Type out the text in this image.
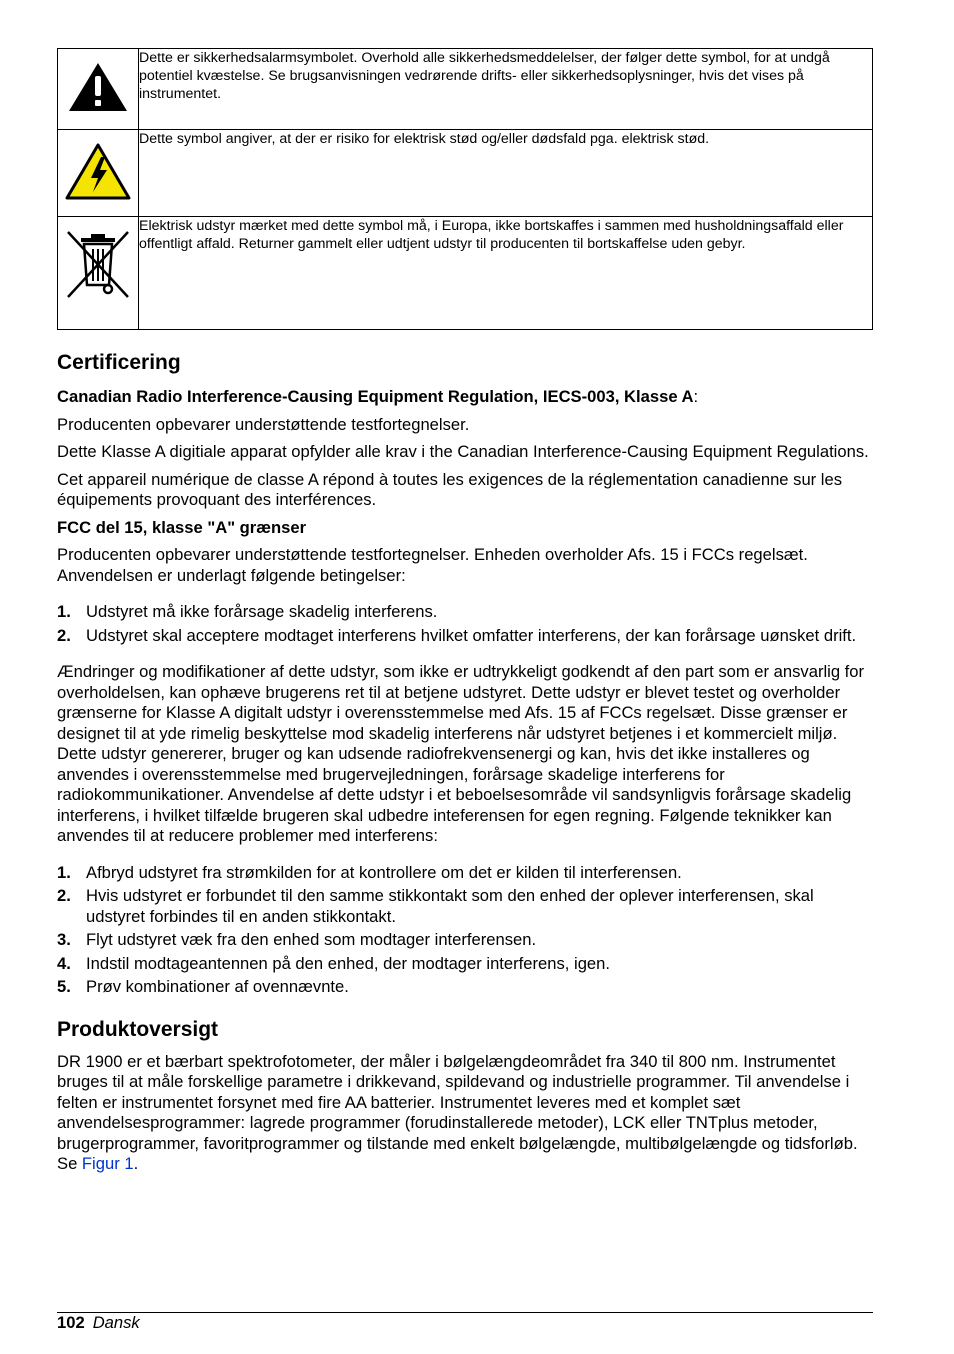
	Dette er sikkerhedsalarmsymbolet. Overhold alle sikkerhedsmeddelelser, der følger dette symbol, for at undgå potentiel kvæstelse. Se brugsanvisningen vedrørende drifts- eller sikkerhedsoplysninger, hvis det vises på instrumentet.

	Dette symbol angiver, at der er risiko for elektrisk stød og/eller dødsfald pga. elektrisk stød.

	Elektrisk udstyr mærket med dette symbol må, i Europa, ikke bortskaffes i sammen med husholdningsaffald eller offentligt affald. Returner gammelt eller udtjent udstyr til producenten til bortskaffelse uden gebyr.
Certificering

Canadian Radio Interference-Causing Equipment Regulation, IECS-003, Klasse A:

Producenten opbevarer understøttende testfortegnelser.

Dette Klasse A digitiale apparat opfylder alle krav i the Canadian Interference-Causing Equipment Regulations.

Cet appareil numérique de classe A répond à toutes les exigences de la réglementation canadienne sur les équipements provoquant des interférences.

FCC del 15, klasse "A" grænser

Producenten opbevarer understøttende testfortegnelser. Enheden overholder Afs. 15 i FCCs regelsæt. Anvendelsen er underlagt følgende betingelser:

1. Udstyret må ikke forårsage skadelig interferens.
2. Udstyret skal acceptere modtaget interferens hvilket omfatter interferens, der kan forårsage uønsket drift.

Ændringer og modifikationer af dette udstyr, som ikke er udtrykkeligt godkendt af den part som er ansvarlig for overholdelsen, kan ophæve brugerens ret til at betjene udstyret. Dette udstyr er blevet testet og overholder grænserne for Klasse A digitalt udstyr i overensstemmelse med Afs. 15 af FCCs regelsæt. Disse grænser er designet til at yde rimelig beskyttelse mod skadelig interferens når udstyret betjenes i et kommercielt miljø. Dette udstyr genererer, bruger og kan udsende radiofrekvensenergi og kan, hvis det ikke installeres og anvendes i overensstemmelse med brugervejledningen, forårsage skadelige interferens for radiokommunikationer. Anvendelse af dette udstyr i et beboelsesområde vil sandsynligvis forårsage skadelig interferens, i hvilket tilfælde brugeren skal udbedre inteferensen for egen regning. Følgende teknikker kan anvendes til at reducere problemer med interferens:

1. Afbryd udstyret fra strømkilden for at kontrollere om det er kilden til interferensen.
2. Hvis udstyret er forbundet til den samme stikkontakt som den enhed der oplever interferensen, skal udstyret forbindes til en anden stikkontakt.
3. Flyt udstyret væk fra den enhed som modtager interferensen.
4. Indstil modtageantennen på den enhed, der modtager interferens, igen.
5. Prøv kombinationer af ovennævnte.
Produktoversigt

DR 1900 er et bærbart spektrofotometer, der måler i bølgelængdeområdet fra 340 til 800 nm. Instrumentet bruges til at måle forskellige parametre i drikkevand, spildevand og industrielle programmer. Til anvendelse i felten er instrumentet forsynet med fire AA batterier. Instrumentet leveres med et komplet sæt anvendelsesprogrammer: lagrede programmer (forudinstallerede metoder), LCK eller TNTplus metoder, brugerprogrammer, favoritprogrammer og tilstande med enkelt bølgelængde, multibølgelængde og tidsforløb. Se Figur 1.

102 Dansk
